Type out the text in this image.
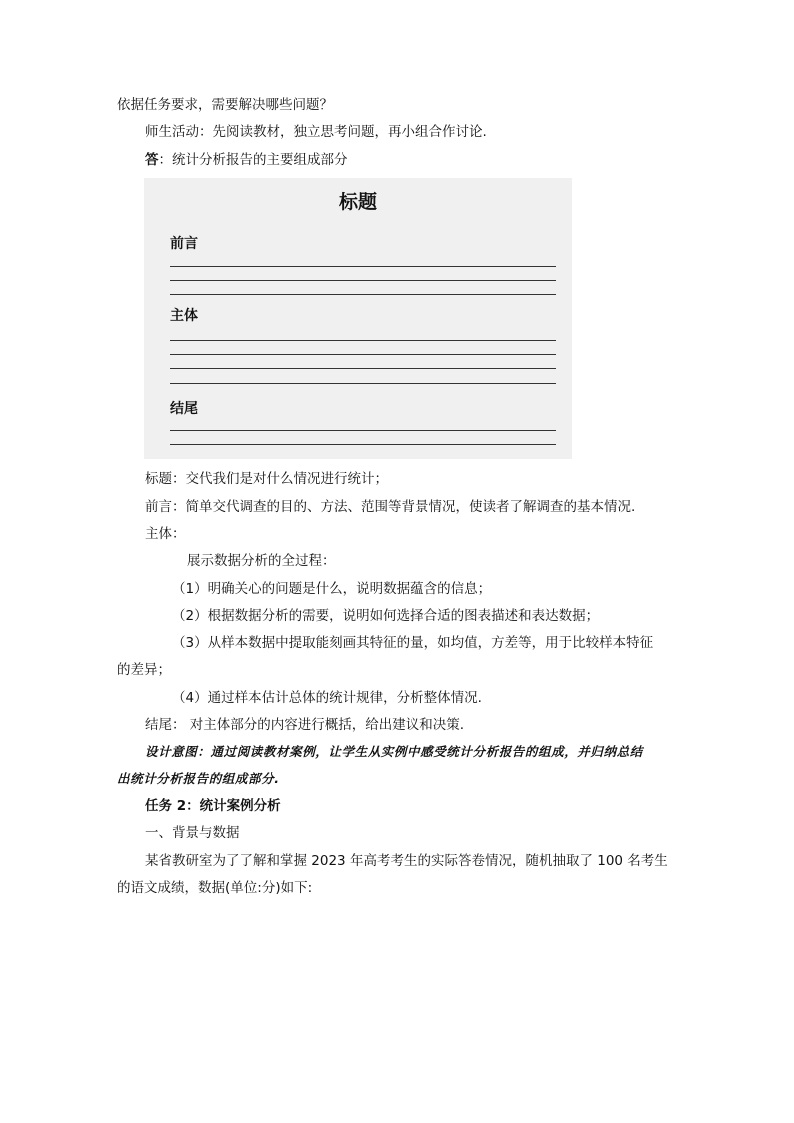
依据任务要求，需要解决哪些问题？
师生活动：先阅读教材，独立思考问题，再小组合作讨论.
答：统计分析报告的主要组成部分
标题
前言
主体
结尾
标题：交代我们是对什么情况进行统计；
前言：简单交代调查的目的、方法、范围等背景情况，使读者了解调查的基本情况.
主体：
展示数据分析的全过程：
（1）明确关心的问题是什么，说明数据蕴含的信息；
（2）根据数据分析的需要，说明如何选择合适的图表描述和表达数据；
（3）从样本数据中提取能刻画其特征的量，如均值，方差等，用于比较样本特征
的差异；
（4）通过样本估计总体的统计规律，分析整体情况.
结尾： 对主体部分的内容进行概括，给出建议和决策.
设计意图：通过阅读教材案例，让学生从实例中感受统计分析报告的组成，并归纳总结
出统计分析报告的组成部分.
任务 2：统计案例分析
一、背景与数据
某省教研室为了了解和掌握 2023 年高考考生的实际答卷情况，随机抽取了 100 名考生
的语文成绩，数据(单位:分)如下:
